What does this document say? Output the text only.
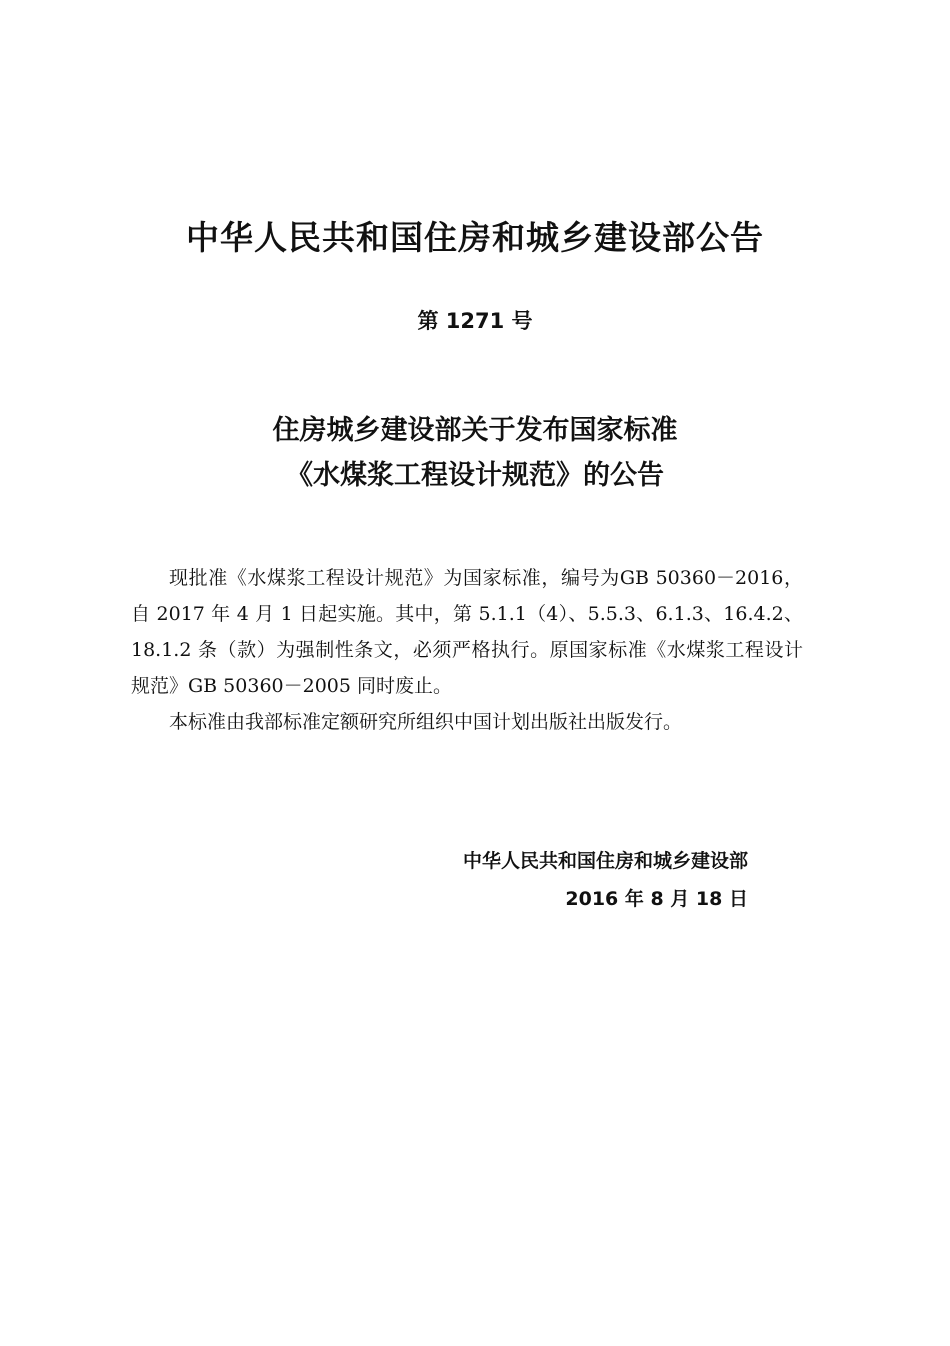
中华人民共和国住房和城乡建设部公告
第 1271 号
住房城乡建设部关于发布国家标准
《水煤浆工程设计规范》的公告

现批准《水煤浆工程设计规范》为国家标准，编号为GB 50360－2016，自 2017 年 4 月 1 日起实施。其中，第 5.1.1（4）、5.5.3、6.1.3、16.4.2、18.1.2 条（款）为强制性条文，必须严格执行。原国家标准《水煤浆工程设计规范》GB 50360－2005 同时废止。

本标准由我部标准定额研究所组织中国计划出版社出版发行。

中华人民共和国住房和城乡建设部
2016 年 8 月 18 日
